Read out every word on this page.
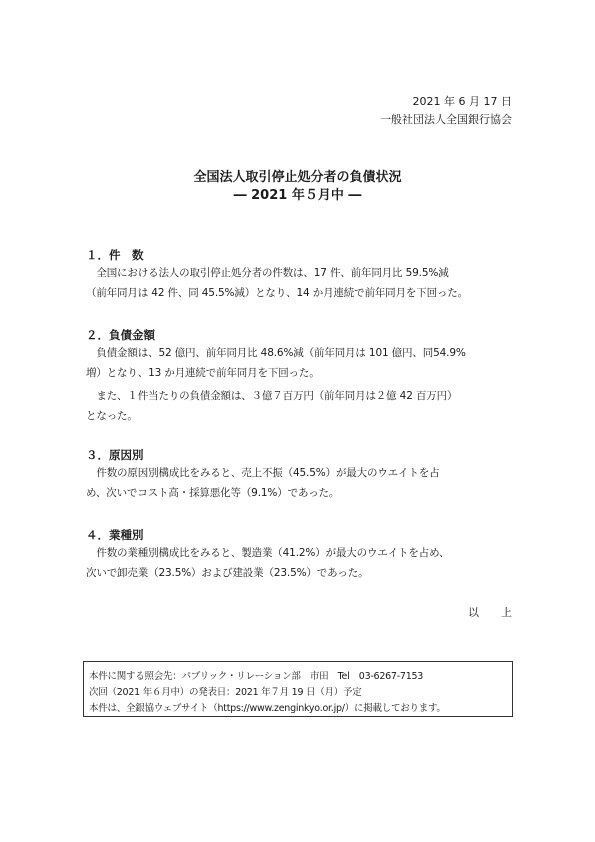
2021 年 6 月 17 日
一般社団法人全国銀行協会
全国法人取引停止処分者の負債状況
― 2021 年５月中 ―
１．件　数
　全国における法人の取引停止処分者の件数は、17 件、前年同月比 59.5%減
（前年同月は 42 件、同 45.5%減）となり、14 か月連続で前年同月を下回った。
２．負債金額
　負債金額は、52 億円、前年同月比 48.6%減（前年同月は 101 億円、同54.9%
増）となり、13 か月連続で前年同月を下回った。
　また、１件当たりの負債金額は、３億７百万円（前年同月は２億 42 百万円）
となった。
３．原因別
　件数の原因別構成比をみると、売上不振（45.5%）が最大のウエイトを占
め、次いでコスト高・採算悪化等（9.1%）であった。
４．業種別
　件数の業種別構成比をみると、製造業（41.2%）が最大のウエイトを占め、
次いで卸売業（23.5%）および建設業（23.5%）であった。
以　　上
本件に関する照会先：パブリック・リレーション部　市田　Tel　03-6267-7153
次回（2021 年６月中）の発表日：2021 年７月 19 日（月）予定
本件は、全銀協ウェブサイト（https://www.zenginkyo.or.jp/）に掲載しております。
